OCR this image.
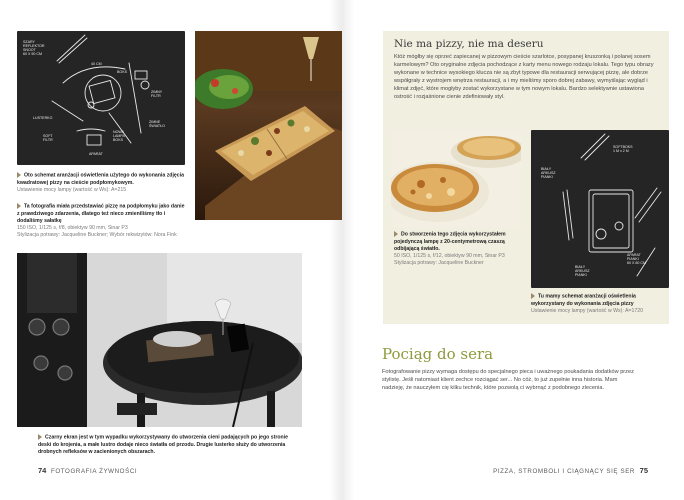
SZARY
REFLEKTOR
SNOOT
60 X 90 CM
40 CM
BOKS
ZIMNY
FILTR
LUSTERKO
SOFT
FILTR
NOWA
LAMPA
BOKS
APARAT
ZIMNE
ŚWIATŁO
Oto schemat aranżacji oświetlenia użytego do wykonania zdjęcia kwadratowej pizzy na cieście podpłomykowym.
Ustawienie mocy lampy (wartość w Ws): A=215
Ta fotografia miała przedstawiać pizzę na podpłomyku jako danie z prawdziwego zdarzenia, dlatego też nieco zmieniliśmy tło i dodaliśmy sałatkę
150 ISO, 1/125 s, f/8, obiektyw 90 mm, Sinar P3
Stylizacja potrawy: Jacqueline Buckner; Wybór rekwizytów: Nora Fink
Czarny ekran jest w tym wypadku wykorzystywany do utworzenia cieni padających po jego stronie deski do krojenia, a małe lustro dodaje nieco światła od przodu. Drugie lusterko służy do utworzenia drobnych refleksów w zacienionych obszarach.
74 FOTOGRAFIA ŻYWNOŚCI
Nie ma pizzy, nie ma deseru
Któż mógłby się oprzeć zapiecanej w pizzowym cieście szarlotce, posypanej kruszonką i polanej sosem karmelowym? Oto oryginalne zdjęcia pochodzące z karty menu nowego rodzaju lokalu. Tego typu obrazy wykonane w technice wysokiego klucza nie są zbyt typowe dla restauracji serwującej pizzę, ale dobrze współgrały z wystrojem wnętrza restauracji, a i my mieliśmy sporo dobrej zabawy, wymyślając wygląd i klimat zdjęć, które mogłyby zostać wykorzystane w tym nowym lokalu. Bardzo selektywnie ustawiona ostrość i rozjaśnione cienie zdefiniowały styl.
Do stworzenia tego zdjęcia wykorzystałem pojedynczą lampę z 20-centymetrową czaszą odbijającą światło.
50 ISO, 1/125 s, f/12, obiektyw 90 mm, Sinar P3
Stylizacja potrawy: Jacqueline Buckner
SOFTBOKS
1 M x 2 M
BIAŁY
ARKUSZ
PIANKI
BIAŁY
ARKUSZ
PIANKI
APARAT
PIANKI
60 X 80 CM
Tu mamy schemat aranżacji oświetlenia wykorzystany do wykonania zdjęcia pizzy
Ustawienie mocy lampy (wartość w Ws): A=1720
Pociąg do sera
Fotografowanie pizzy wymaga dostępu do specjalnego pieca i uważnego poukadania dodatków przez stylistę. Jeśli natomiast klient zechce rozciągać ser... No cóż, to już zupełnie inna historia. Mam nadzieję, że nauczyłem cię kilku technik, które pozwolą ci wybrnąć z podobnego zlecenia.
PIZZA, STROMBOLI I CIĄGNĄCY SIĘ SER 75
